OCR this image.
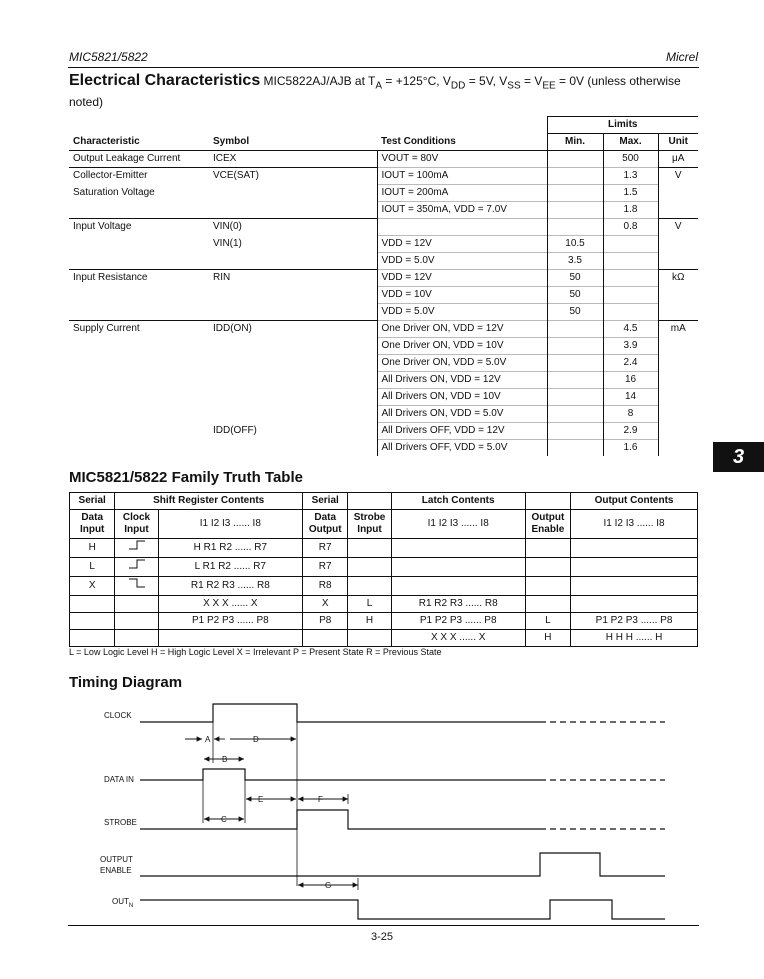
MIC5821/5822	Micrel
Electrical Characteristics MIC5822AJ/AJB at $T_A = +125^\circ C$, $V_{DD} = 5V$, $V_{SS} = V_{EE} = 0V$ (unless otherwise noted)
			Limits		
Characteristic	Symbol	Test Conditions	Min.	Max.	Unit
Output Leakage Current	ICEX	VOUT = 80V		500	μA
Collector-Emitter	VCE(SAT)	IOUT = 100mA		1.3	V
Saturation Voltage		IOUT = 200mA		1.5	
		IOUT = 350mA, VDD = 7.0V		1.8	
Input Voltage	VIN(0)			0.8	V
	VIN(1)	VDD = 12V	10.5		
		VDD = 5.0V	3.5		
Input Resistance	RIN	VDD = 12V	50		kΩ
		VDD = 10V	50		
		VDD = 5.0V	50		
Supply Current	IDD(ON)	One Driver ON, VDD = 12V		4.5	mA
		One Driver ON, VDD = 10V		3.9	
		One Driver ON, VDD = 5.0V		2.4	
		All Drivers ON, VDD = 12V		16	
		All Drivers ON, VDD = 10V		14	
		All Drivers ON, VDD = 5.0V		8	
	IDD(OFF)	All Drivers OFF, VDD = 12V		2.9	
		All Drivers OFF, VDD = 5.0V		1.6		3
MIC5821/5822 Family Truth Table
Serial	Shift Register Contents		Serial		Latch Contents		Output Contents
Data Input	Clock Input	I1 I2 I3 ...... I8	Data Output	Strobe Input	I1 I2 I3 ...... I8	Output Enable	I1 I2 I3 ...... I8
H		H R1 R2 ...... R7	R7				
L		L R1 R2 ...... R7	R7				
X		R1 R2 R3 ...... R8	R8				
		X X X ...... X	X	L	R1 R2 R3 ...... R8		
		P1 P2 P3 ...... P8	P8	H	P1 P2 P3 ...... P8	L	P1 P2 P3 ...... P8
					X X X ...... X	H	H H H ...... H
L = Low Logic Level H = High Logic Level X = Irrelevant P = Present State R = Previous State
Timing Diagram
CLOCK
DATA IN
STROBE
OUTPUT
ENABLE
$OUT_N$
A	D
B
E	F
C
G
3-25
